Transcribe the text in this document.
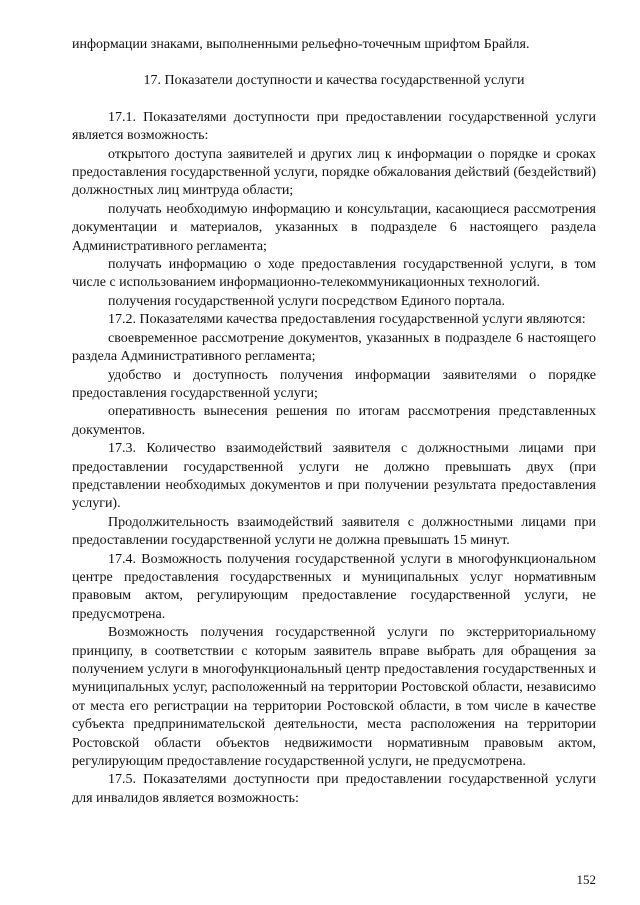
информации знаками, выполненными рельефно-точечным шрифтом Брайля.

17. Показатели доступности и качества государственной услуги

17.1. Показателями доступности при предоставлении государственной услуги является возможность:

открытого доступа заявителей и других лиц к информации о порядке и сроках предоставления государственной услуги, порядке обжалования действий (бездействий) должностных лиц минтруда области;

получать необходимую информацию и консультации, касающиеся рассмотрения документации и материалов, указанных в подразделе 6 настоящего раздела Административного регламента;

получать информацию о ходе предоставления государственной услуги, в том числе с использованием информационно-телекоммуникационных технологий.

получения государственной услуги посредством Единого портала.

17.2. Показателями качества предоставления государственной услуги являются:

своевременное рассмотрение документов, указанных в подразделе 6 настоящего раздела Административного регламента;

удобство и доступность получения информации заявителями о порядке предоставления государственной услуги;

оперативность вынесения решения по итогам рассмотрения представленных документов.

17.3. Количество взаимодействий заявителя с должностными лицами при предоставлении государственной услуги не должно превышать двух (при представлении необходимых документов и при получении результата предоставления услуги).

Продолжительность взаимодействий заявителя с должностными лицами при предоставлении государственной услуги не должна превышать 15 минут.

17.4. Возможность получения государственной услуги в многофункциональном центре предоставления государственных и муниципальных услуг нормативным правовым актом, регулирующим предоставление государственной услуги, не предусмотрена.

Возможность получения государственной услуги по экстерриториальному принципу, в соответствии с которым заявитель вправе выбрать для обращения за получением услуги в многофункциональный центр предоставления государственных и муниципальных услуг, расположенный на территории Ростовской области, независимо от места его регистрации на территории Ростовской области, в том числе в качестве субъекта предпринимательской деятельности, места расположения на территории Ростовской области объектов недвижимости нормативным правовым актом, регулирующим предоставление государственной услуги, не предусмотрена.

17.5. Показателями доступности при предоставлении государственной услуги для инвалидов является возможность:

152
